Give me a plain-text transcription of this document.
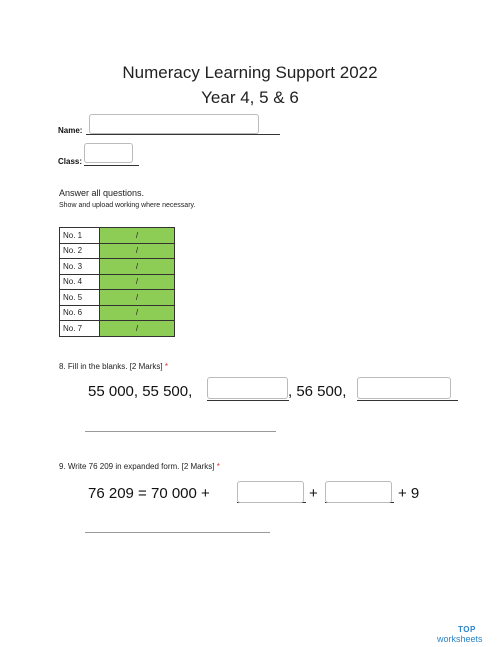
Numeracy Learning Support 2022
Year 4, 5 & 6
Name:
Class:
Answer all questions.
Show and upload working where necessary.
No. 1	/
No. 2	/
No. 3	/
No. 4	/
No. 5	/
No. 6	/
No. 7	/
8. Fill in the blanks. [2 Marks] *
55 000, 55 500,	, 56 500,
9. Write 76 209 in expanded form. [2 Marks] *
76 209 = 70 000 +	+	+ 9
TOP
worksheets
